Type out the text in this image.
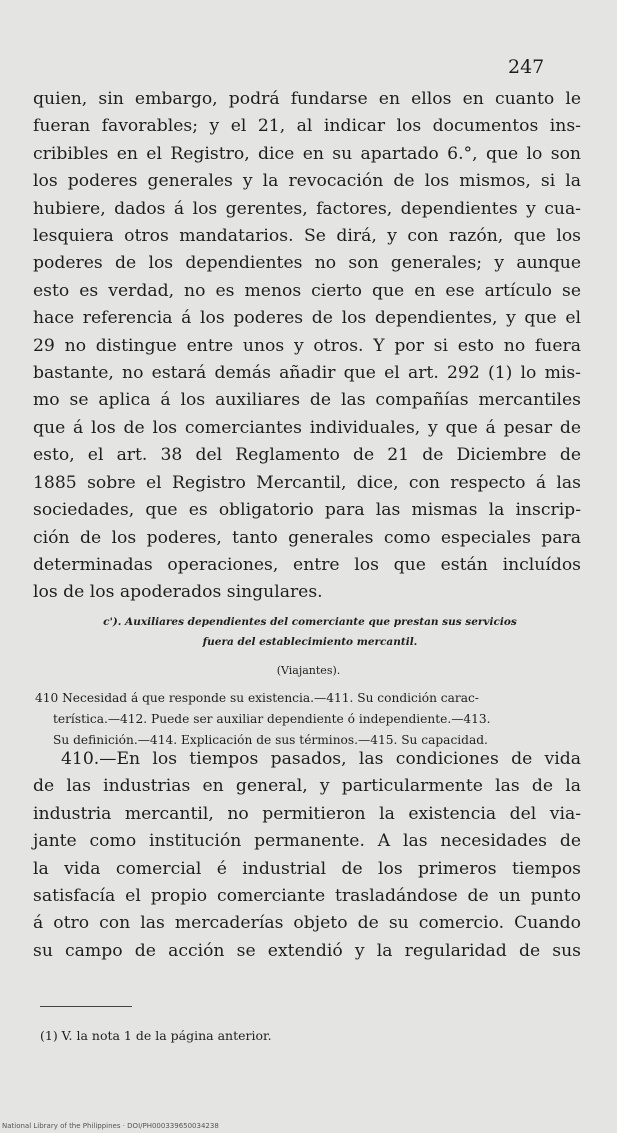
247
quien, sin embargo, podrá fundarse en ellos en cuanto le
fueran favorables; y el 21, al indicar los documentos ins-
cribibles en el Registro, dice en su apartado 6.°, que lo son
los poderes generales y la revocación de los mismos, si la
hubiere, dados á los gerentes, factores, dependientes y cua-
lesquiera otros mandatarios. Se dirá, y con razón, que los
poderes de los dependientes no son generales; y aunque
esto es verdad, no es menos cierto que en ese artículo se
hace referencia á los poderes de los dependientes, y que el
29 no distingue entre unos y otros. Y por si esto no fuera
bastante, no estará demás añadir que el art. 292 (1) lo mis-
mo se aplica á los auxiliares de las compañías mercantiles
que á los de los comerciantes individuales, y que á pesar de
esto, el art. 38 del Reglamento de 21 de Diciembre de
1885 sobre el Registro Mercantil, dice, con respecto á las
sociedades, que es obligatorio para las mismas la inscrip-
ción de los poderes, tanto generales como especiales para
determinadas operaciones, entre los que están incluídos
los de los apoderados singulares.
c'). Auxiliares dependientes del comerciante que prestan sus servicios
fuera del establecimiento mercantil.
(Viajantes).
410 Necesidad á que responde su existencia.—411. Su condición carac-
terística.—412. Puede ser auxiliar dependiente ó independiente.—413.
Su definición.—414. Explicación de sus términos.—415. Su capacidad.
410.—En los tiempos pasados, las condiciones de vida
de las industrias en general, y particularmente las de la
industria mercantil, no permitieron la existencia del via-
jante como institución permanente. A las necesidades de
la vida comercial é industrial de los primeros tiempos
satisfacía el propio comerciante trasladándose de un punto
á otro con las mercaderías objeto de su comercio. Cuando
su campo de acción se extendió y la regularidad de sus
(1) V. la nota 1 de la página anterior.
National Library of the Philippines · DOI/PH000339650034238
